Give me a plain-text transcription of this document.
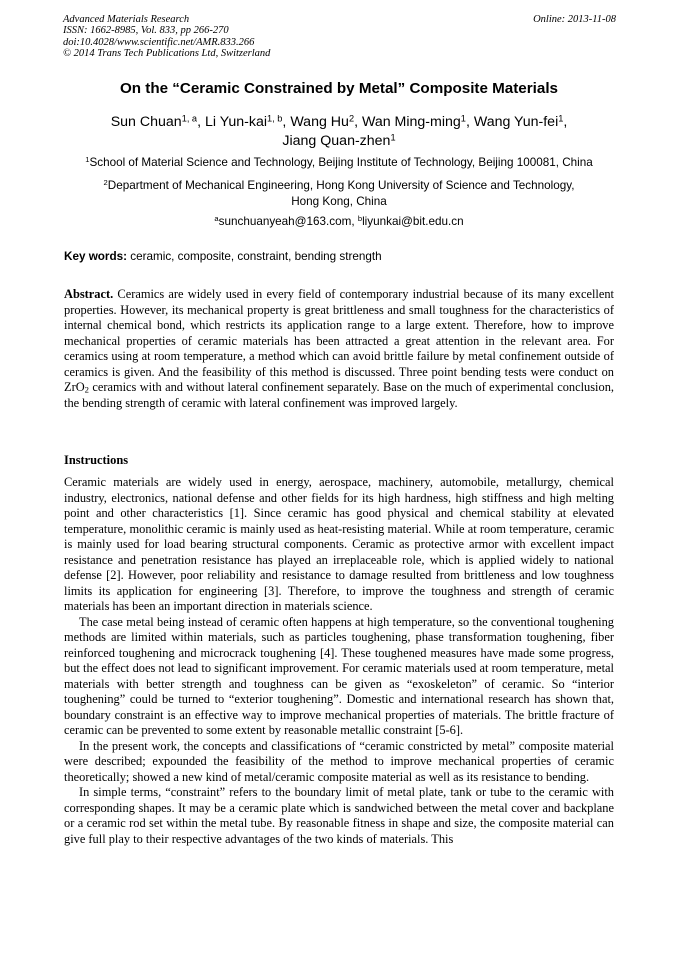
Advanced Materials Research
ISSN: 1662-8985, Vol. 833, pp 266-270
doi:10.4028/www.scientific.net/AMR.833.266
© 2014 Trans Tech Publications Ltd, Switzerland
Online: 2013-11-08
On the “Ceramic Constrained by Metal” Composite Materials
Sun Chuan$^{1, a}$, Li Yun-kai$^{1, b}$, Wang Hu$^2$, Wan Ming-ming$^1$, Wang Yun-fei$^1$,
Jiang Quan-zhen$^1$
$^1$School of Material Science and Technology, Beijing Institute of Technology, Beijing 100081, China
$^2$Department of Mechanical Engineering, Hong Kong University of Science and Technology,
Hong Kong, China
$^a$sunchuanyeah@163.com, $^b$liyunkai@bit.edu.cn
Key words: ceramic, composite, constraint, bending strength
Abstract. Ceramics are widely used in every field of contemporary industrial because of its many excellent properties. However, its mechanical property is great brittleness and small toughness for the characteristics of internal chemical bond, which restricts its application range to a large extent. Therefore, how to improve mechanical properties of ceramic materials has been attracted a great attention in the relevant area. For ceramics using at room temperature, a method which can avoid brittle failure by metal confinement outside of ceramics is given. And the feasibility of this method is discussed. Three point bending tests were conduct on ZrO$_2$ ceramics with and without lateral confinement separately. Base on the much of experimental conclusion, the bending strength of ceramic with lateral confinement was improved largely.
Instructions

Ceramic materials are widely used in energy, aerospace, machinery, automobile, metallurgy, chemical industry, electronics, national defense and other fields for its high hardness, high stiffness and high melting point and other characteristics [1]. Since ceramic has good physical and chemical stability at elevated temperature, monolithic ceramic is mainly used as heat-resisting material. While at room temperature, ceramic is mainly used for load bearing structural components. Ceramic as protective armor with excellent impact resistance and penetration resistance has played an irreplaceable role, which is applied widely to national defense [2]. However, poor reliability and resistance to damage resulted from brittleness and low toughness limits its application for engineering [3]. Therefore, to improve the toughness and strength of ceramic materials has been an important direction in materials science.

The case metal being instead of ceramic often happens at high temperature, so the conventional toughening methods are limited within materials, such as particles toughening, phase transformation toughening, fiber reinforced toughening and microcrack toughening [4]. These toughened measures have made some progress, but the effect does not lead to significant improvement. For ceramic materials used at room temperature, metal materials with better strength and toughness can be given as “exoskeleton” of ceramic. So “interior toughening” could be turned to “exterior toughening”. Domestic and international research has shown that, boundary constraint is an effective way to improve mechanical properties of materials. The brittle fracture of ceramic can be prevented to some extent by reasonable metallic constraint [5-6].

In the present work, the concepts and classifications of “ceramic constricted by metal” composite material were described; expounded the feasibility of the method to improve mechanical properties of ceramic theoretically; showed a new kind of metal/ceramic composite material as well as its resistance to bending.

In simple terms, “constraint” refers to the boundary limit of metal plate, tank or tube to the ceramic with corresponding shapes. It may be a ceramic plate which is sandwiched between the metal cover and backplane or a ceramic rod set within the metal tube. By reasonable fitness in shape and size, the composite material can give full play to their respective advantages of the two kinds of materials. This
